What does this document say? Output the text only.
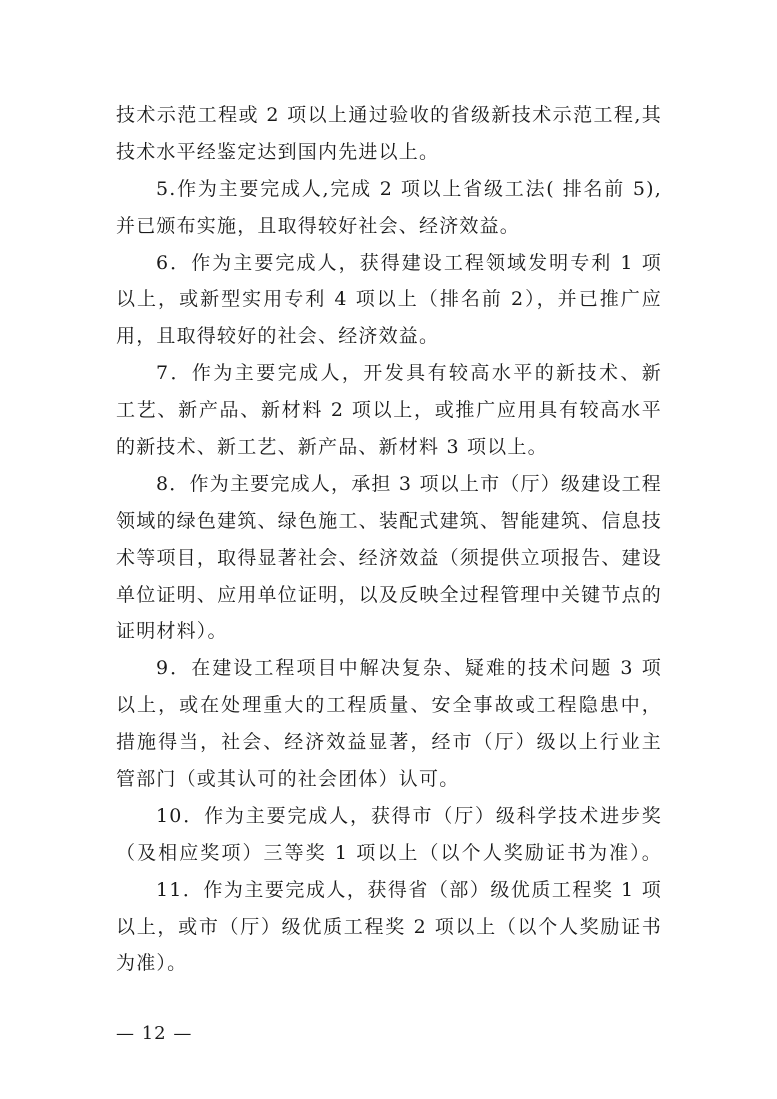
技术示范工程或 2 项以上通过验收的省级新技术示范工程,其
技术水平经鉴定达到国内先进以上。
5.作为主要完成人,完成 2 项以上省级工法( 排名前 5),
并已颁布实施，且取得较好社会、经济效益。
6．作为主要完成人，获得建设工程领域发明专利 1 项
以上，或新型实用专利 4 项以上（排名前 2），并已推广应
用，且取得较好的社会、经济效益。
7．作为主要完成人，开发具有较高水平的新技术、新
工艺、新产品、新材料 2 项以上，或推广应用具有较高水平
的新技术、新工艺、新产品、新材料 3 项以上。
8．作为主要完成人，承担 3 项以上市（厅）级建设工程
领域的绿色建筑、绿色施工、装配式建筑、智能建筑、信息技
术等项目，取得显著社会、经济效益（须提供立项报告、建设
单位证明、应用单位证明，以及反映全过程管理中关键节点的
证明材料）。
9．在建设工程项目中解决复杂、疑难的技术问题 3 项
以上，或在处理重大的工程质量、安全事故或工程隐患中，
措施得当，社会、经济效益显著，经市（厅）级以上行业主
管部门（或其认可的社会团体）认可。
10．作为主要完成人，获得市（厅）级科学技术进步奖
（及相应奖项）三等奖 1 项以上（以个人奖励证书为准）。
11．作为主要完成人，获得省（部）级优质工程奖 1 项
以上，或市（厅）级优质工程奖 2 项以上（以个人奖励证书
为准）。
— 12 —
